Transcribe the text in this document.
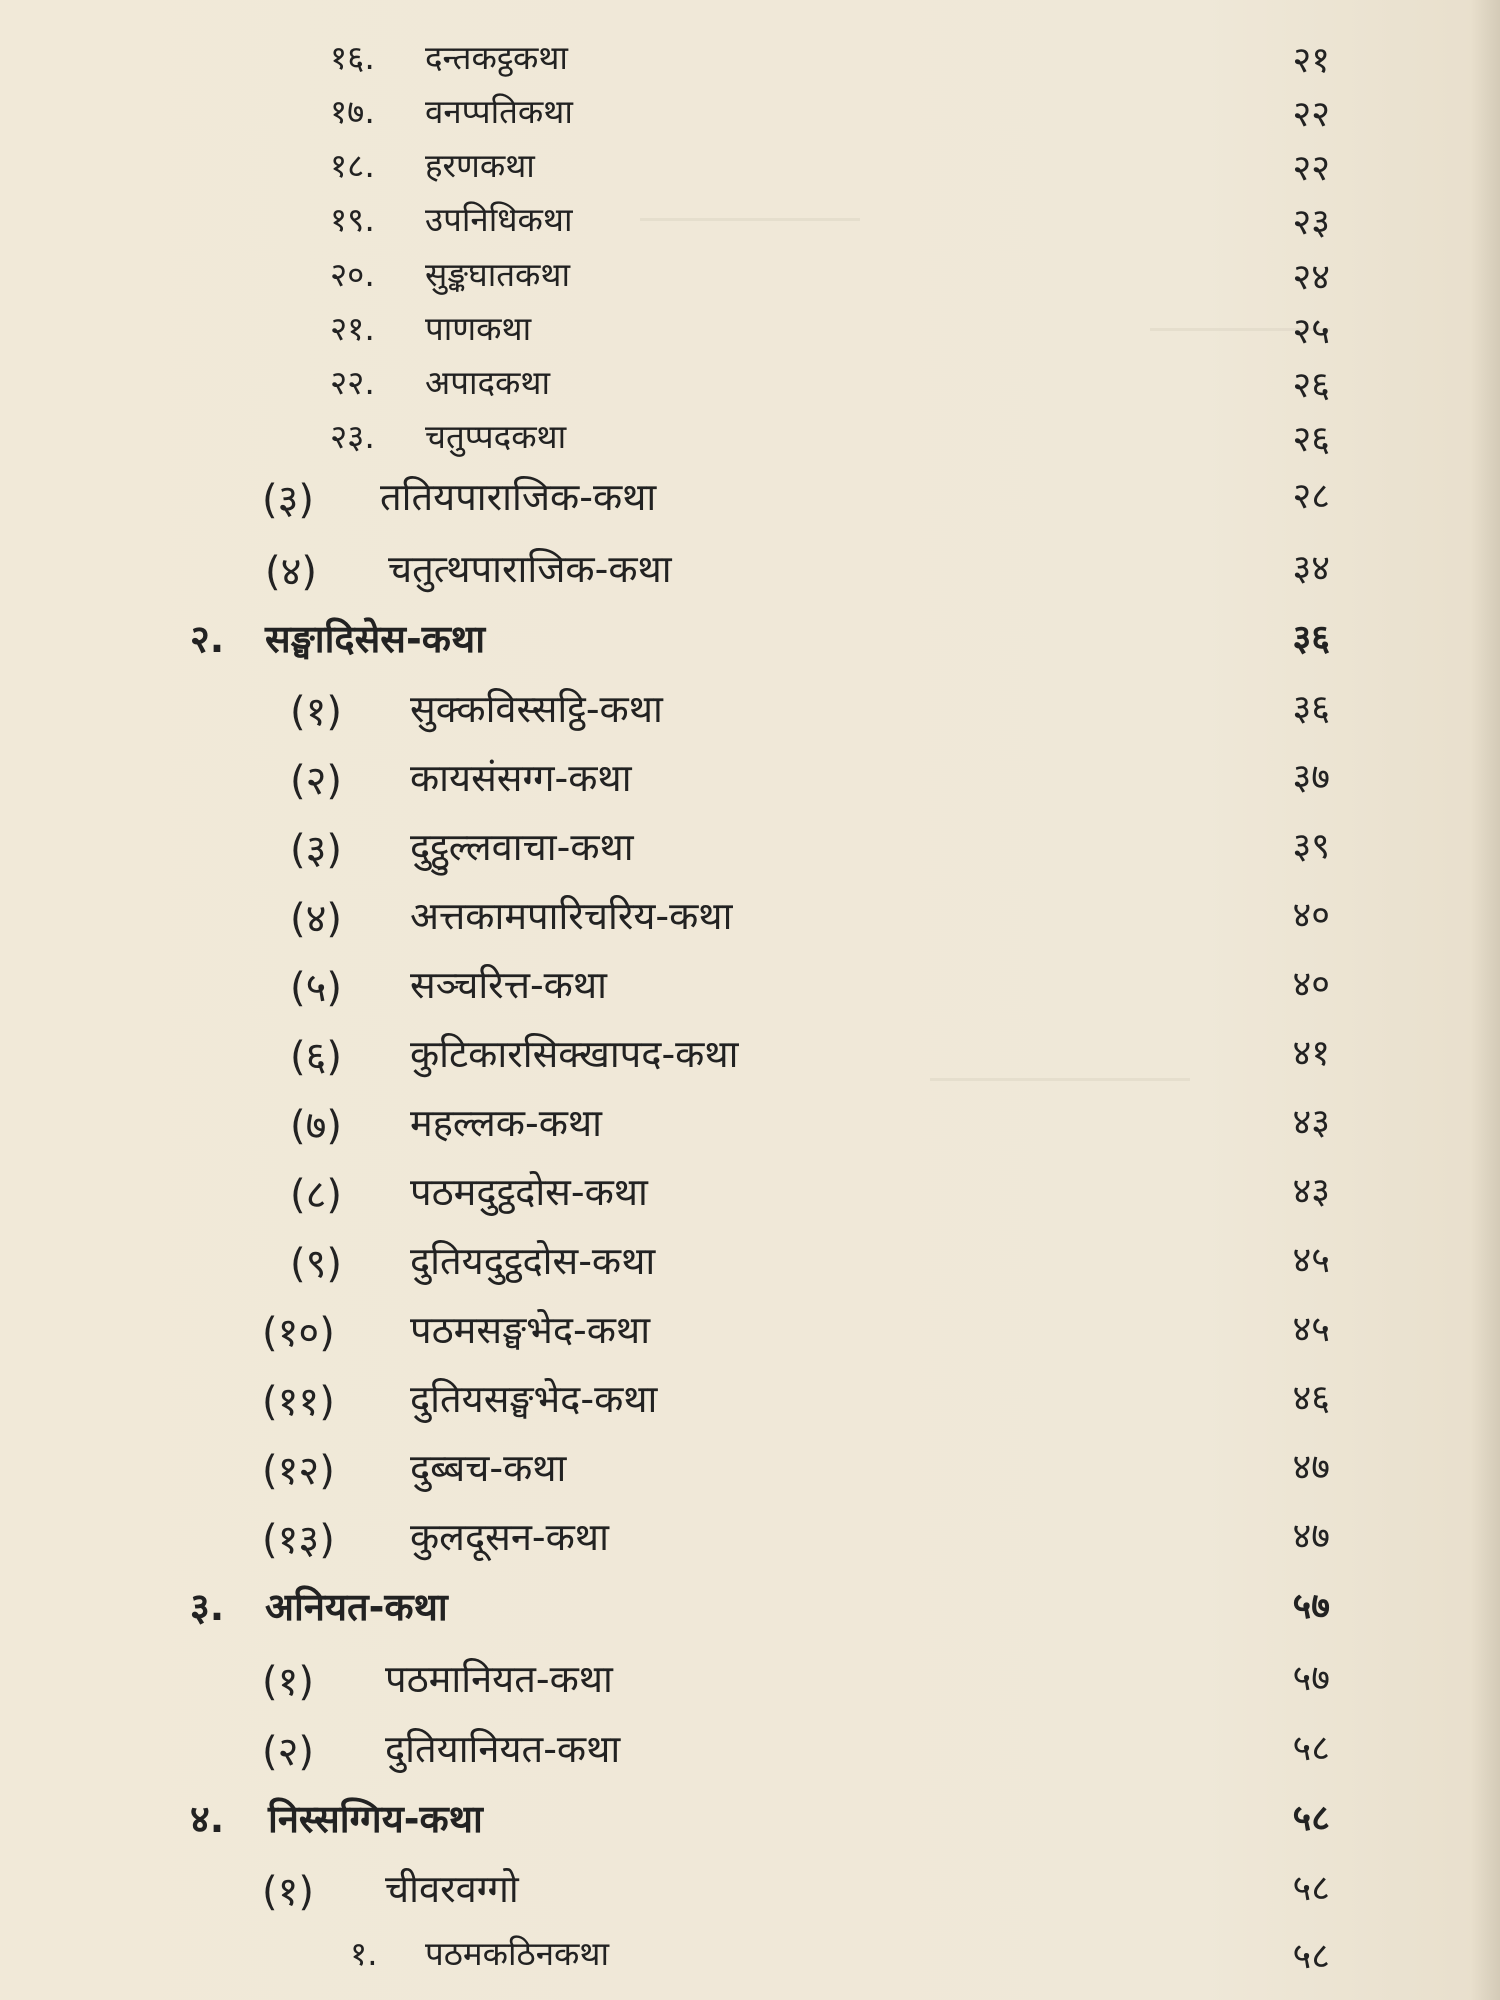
१६. दन्तकट्ठकथा	२१
१७. वनप्पतिकथा	२२
१८. हरणकथा	२२
१९. उपनिधिकथा	२३
२०. सुङ्कघातकथा	२४
२१. पाणकथा	२५
२२. अपादकथा	२६
२३. चतुप्पदकथा	२६
(३) ततियपाराजिक-कथा	२८
(४) चतुत्थपाराजिक-कथा	३४
२. सङ्घादिसेस-कथा	३६
(१) सुक्कविस्सट्ठि-कथा	३६
(२) कायसंसग्ग-कथा	३७
(३) दुट्ठुल्लवाचा-कथा	३९
(४) अत्तकामपारिचरिय-कथा	४०
(५) सञ्चरित्त-कथा	४०
(६) कुटिकारसिक्खापद-कथा	४१
(७) महल्लक-कथा	४३
(८) पठमदुट्ठदोस-कथा	४३
(९) दुतियदुट्ठदोस-कथा	४५
(१०) पठमसङ्घभेद-कथा	४५
(११) दुतियसङ्घभेद-कथा	४६
(१२) दुब्बच-कथा	४७
(१३) कुलदूसन-कथा	४७
३. अनियत-कथा	५७
(१) पठमानियत-कथा	५७
(२) दुतियानियत-कथा	५८
४. निस्सग्गिय-कथा	५८
(१) चीवरवग्गो	५८
१. पठमकठिनकथा	५८
